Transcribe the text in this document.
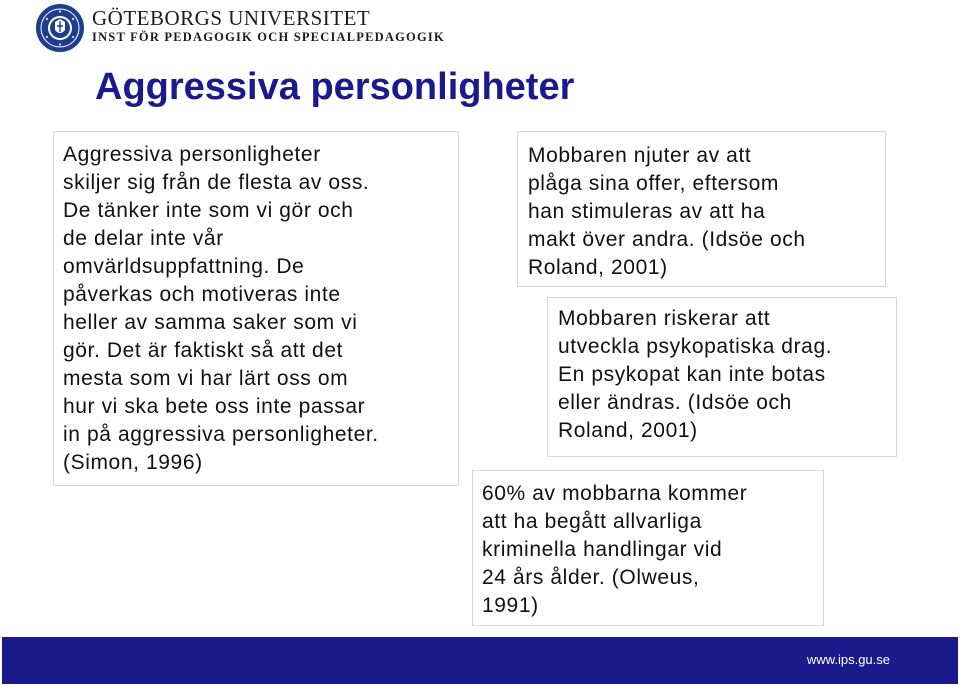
GÖTEBORGS UNIVERSITET
INST FÖR PEDAGOGIK OCH SPECIALPEDAGOGIK
Aggressiva personligheter
Aggressiva personligheter
skiljer sig från de flesta av oss.
De tänker inte som vi gör och
de delar inte vår
omvärldsuppfattning. De
påverkas och motiveras inte
heller av samma saker som vi
gör. Det är faktiskt så att det
mesta som vi har lärt oss om
hur vi ska bete oss inte passar
in på aggressiva personligheter.
(Simon, 1996)
Mobbaren njuter av att
plåga sina offer, eftersom
han stimuleras av att ha
makt över andra. (Idsöe och
Roland, 2001)
Mobbaren riskerar att
utveckla psykopatiska drag.
En psykopat kan inte botas
eller ändras. (Idsöe och
Roland, 2001)
60% av mobbarna kommer
att ha begått allvarliga
kriminella handlingar vid
24 års ålder. (Olweus,
1991)
www.ips.gu.se
